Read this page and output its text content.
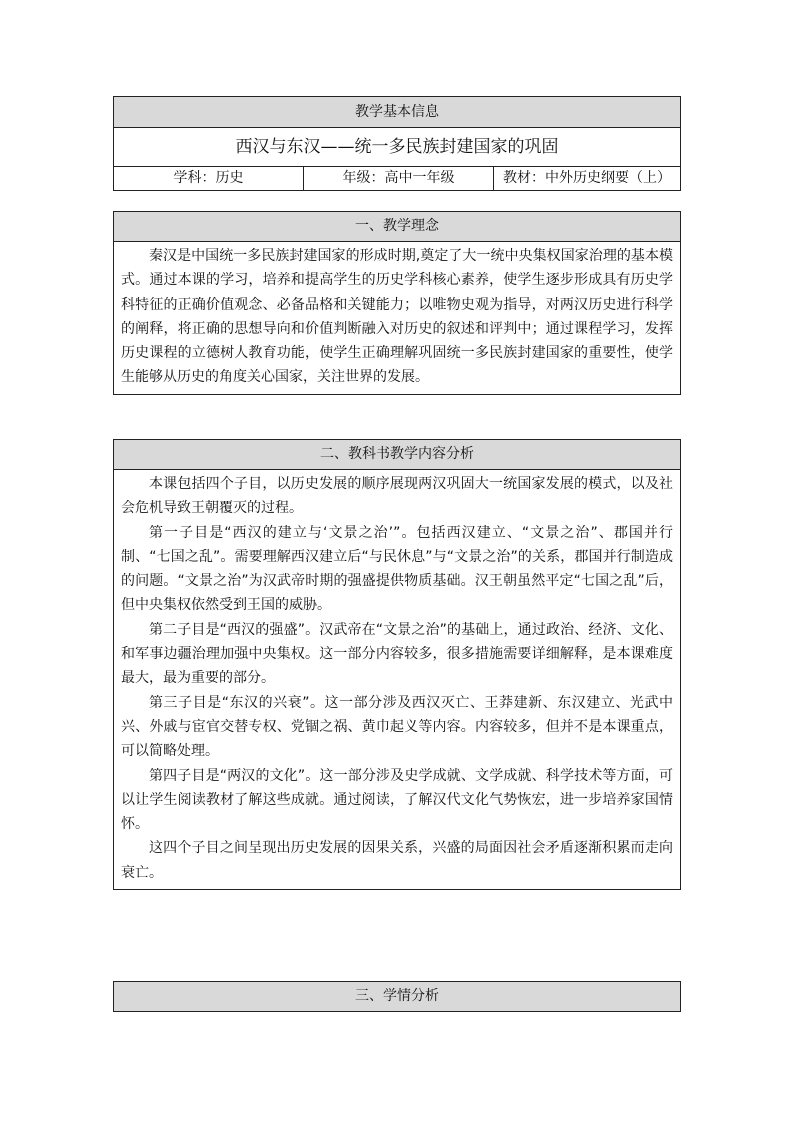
教学基本信息
西汉与东汉——统一多民族封建国家的巩固
学科：历史	年级：高中一年级	教材：中外历史纲要（上）
一、教学理念

秦汉是中国统一多民族封建国家的形成时期,奠定了大一统中央集权国家治理的基本模式。通过本课的学习，培养和提高学生的历史学科核心素养，使学生逐步形成具有历史学科特征的正确价值观念、必备品格和关键能力；以唯物史观为指导，对两汉历史进行科学的阐释，将正确的思想导向和价值判断融入对历史的叙述和评判中；通过课程学习，发挥历史课程的立德树人教育功能，使学生正确理解巩固统一多民族封建国家的重要性，使学生能够从历史的角度关心国家，关注世界的发展。

二、教科书教学内容分析

本课包括四个子目，以历史发展的顺序展现两汉巩固大一统国家发展的模式，以及社会危机导致王朝覆灭的过程。

第一子目是“西汉的建立与‘文景之治’”。包括西汉建立、“文景之治”、郡国并行制、“七国之乱”。需要理解西汉建立后“与民休息”与“文景之治”的关系，郡国并行制造成的问题。“文景之治”为汉武帝时期的强盛提供物质基础。汉王朝虽然平定“七国之乱”后，但中央集权依然受到王国的威胁。

第二子目是“西汉的强盛”。汉武帝在“文景之治”的基础上，通过政治、经济、文化、和军事边疆治理加强中央集权。这一部分内容较多，很多措施需要详细解释，是本课难度最大，最为重要的部分。

第三子目是“东汉的兴衰”。这一部分涉及西汉灭亡、王莽建新、东汉建立、光武中兴、外戚与宦官交替专权、党锢之祸、黄巾起义等内容。内容较多，但并不是本课重点，可以简略处理。

第四子目是“两汉的文化”。这一部分涉及史学成就、文学成就、科学技术等方面，可以让学生阅读教材了解这些成就。通过阅读，了解汉代文化气势恢宏，进一步培养家国情怀。

这四个子目之间呈现出历史发展的因果关系，兴盛的局面因社会矛盾逐渐积累而走向衰亡。

三、学情分析
